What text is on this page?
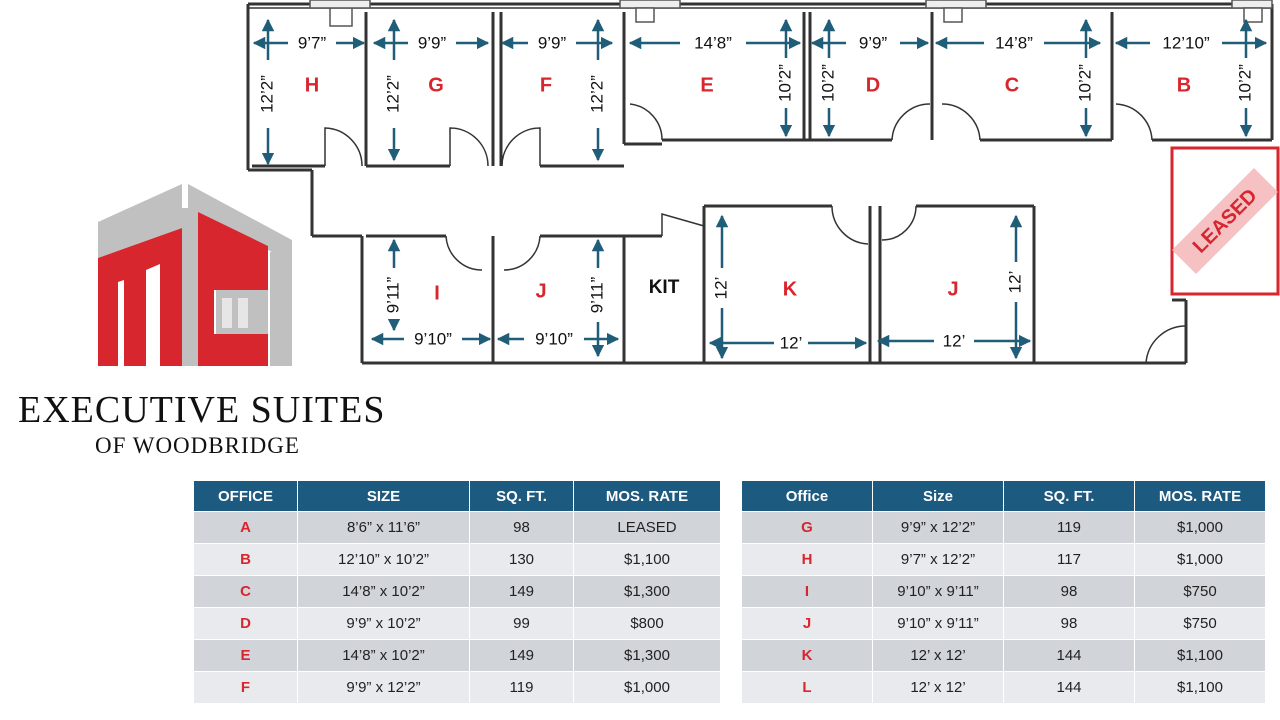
LEASED
H	G	F	E	D	C	B
I	J	K	J
KIT
9’7”
12’2”
9’9”
12’2”
9’9”
12’2”
14’8”
10’2”
9’9”
10’2”
14’8”
10’2”
12’10”
10’2”
9’10”
9’11”
9’10”
9’11”
12’
12’
12’
12’
EXECUTIVE SUITES
OF WOODBRIDGE
OFFICE	SIZE	SQ. FT.	MOS. RATE
A	8’6” x 11’6”	98	LEASED
B	12’10” x 10’2”	130	$1,100
C	14’8” x 10’2”	149	$1,300
D	9’9” x 10’2”	99	$800
E	14’8” x 10’2”	149	$1,300
F	9’9” x 12’2”	119	$1,000
Office	Size	SQ. FT.	MOS. RATE
G	9’9” x 12’2”	119	$1,000
H	9’7” x 12’2”	117	$1,000
I	9’10” x 9’11”	98	$750
J	9’10” x 9’11”	98	$750
K	12’ x 12’	144	$1,100
L	12’ x 12’	144	$1,100
